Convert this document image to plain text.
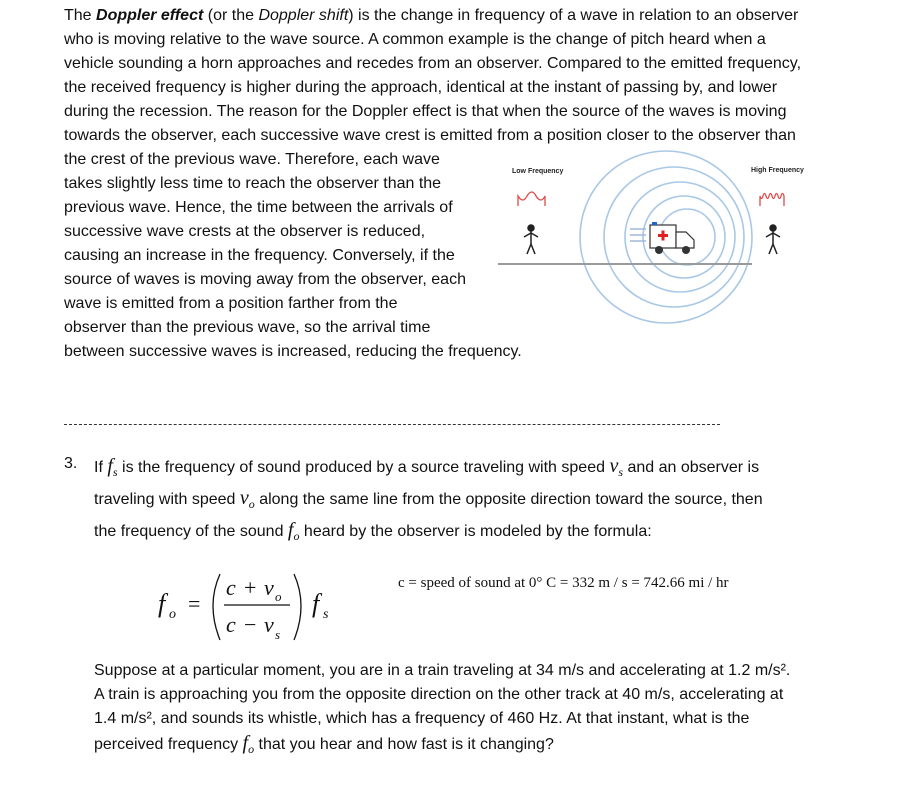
The Doppler effect (or the Doppler shift) is the change in frequency of a wave in relation to an observer
who is moving relative to the wave source. A common example is the change of pitch heard when a
vehicle sounding a horn approaches and recedes from an observer. Compared to the emitted frequency,
the received frequency is higher during the approach, identical at the instant of passing by, and lower
during the recession. The reason for the Doppler effect is that when the source of the waves is moving
towards the observer, each successive wave crest is emitted from a position closer to the observer than
the crest of the previous wave. Therefore, each wave
takes slightly less time to reach the observer than the
previous wave. Hence, the time between the arrivals of
successive wave crests at the observer is reduced,
causing an increase in the frequency. Conversely, if the
source of waves is moving away from the observer, each
wave is emitted from a position farther from the
observer than the previous wave, so the arrival time
between successive waves is increased, reducing the frequency.
Low Frequency	High Frequency
3. If $f_s$ is the frequency of sound produced by a source traveling with speed $v_s$ and an observer is
traveling with speed $v_o$ along the same line from the opposite direction toward the source, then
the frequency of the sound $f_o$ heard by the observer is modeled by the formula:
f o =
c + v o
c − v s
f s
c = speed of sound at 0° C = 332 m / s = 742.66 mi / hr
Suppose at a particular moment, you are in a train traveling at 34 m/s and accelerating at 1.2 m/s².
A train is approaching you from the opposite direction on the other track at 40 m/s, accelerating at
1.4 m/s², and sounds its whistle, which has a frequency of 460 Hz. At that instant, what is the
perceived frequency $f_o$ that you hear and how fast is it changing?
